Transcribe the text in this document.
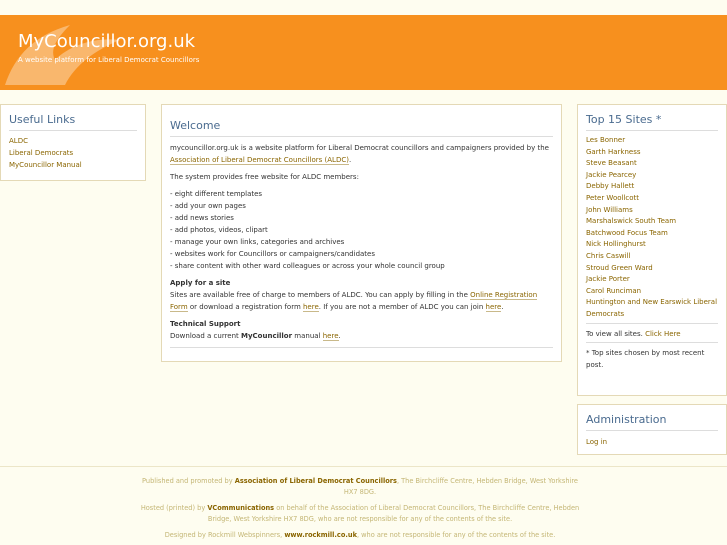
MyCouncillor.org.uk
A website platform for Liberal Democrat Councillors
Useful Links
ALDC
Liberal Democrats
MyCouncillor Manual
Welcome

mycouncillor.org.uk is a website platform for Liberal Democrat councillors and campaigners provided by the Association of Liberal Democrat Councillors (ALDC).

The system provides free website for ALDC members:

- eight different templates
- add your own pages
- add news stories
- add photos, videos, clipart
- manage your own links, categories and archives
- websites work for Councillors or campaigners/candidates
- share content with other ward colleagues or across your whole council group
Apply for a site

Sites are available free of charge to members of ALDC. You can apply by filling in the Online Registration Form or download a registration form here. If you are not a member of ALDC you can join here.

Technical Support

Download a current MyCouncillor manual here.

Top 15 Sites *
Les Bonner
Garth Harkness
Steve Beasant
Jackie Pearcey
Debby Hallett
Peter Woollcott
John Williams
Marshalswick South Team
Batchwood Focus Team
Nick Hollinghurst
Chris Caswill
Stroud Green Ward
Jackie Porter
Carol Runciman
Huntington and New Earswick Liberal Democrats

To view all sites. Click Here

* Top sites chosen by most recent post.

Administration
Log in
Published and promoted by Association of Liberal Democrat Councillors, The Birchcliffe Centre, Hebden Bridge, West Yorkshire HX7 8DG.
Hosted (printed) by VCommunications on behalf of the Association of Liberal Democrat Councillors, The Birchcliffe Centre, Hebden Bridge, West Yorkshire HX7 8DG, who are not responsible for any of the contents of the site.
Designed by Rockmill Webspinners, www.rockmill.co.uk, who are not responsible for any of the contents of the site.
